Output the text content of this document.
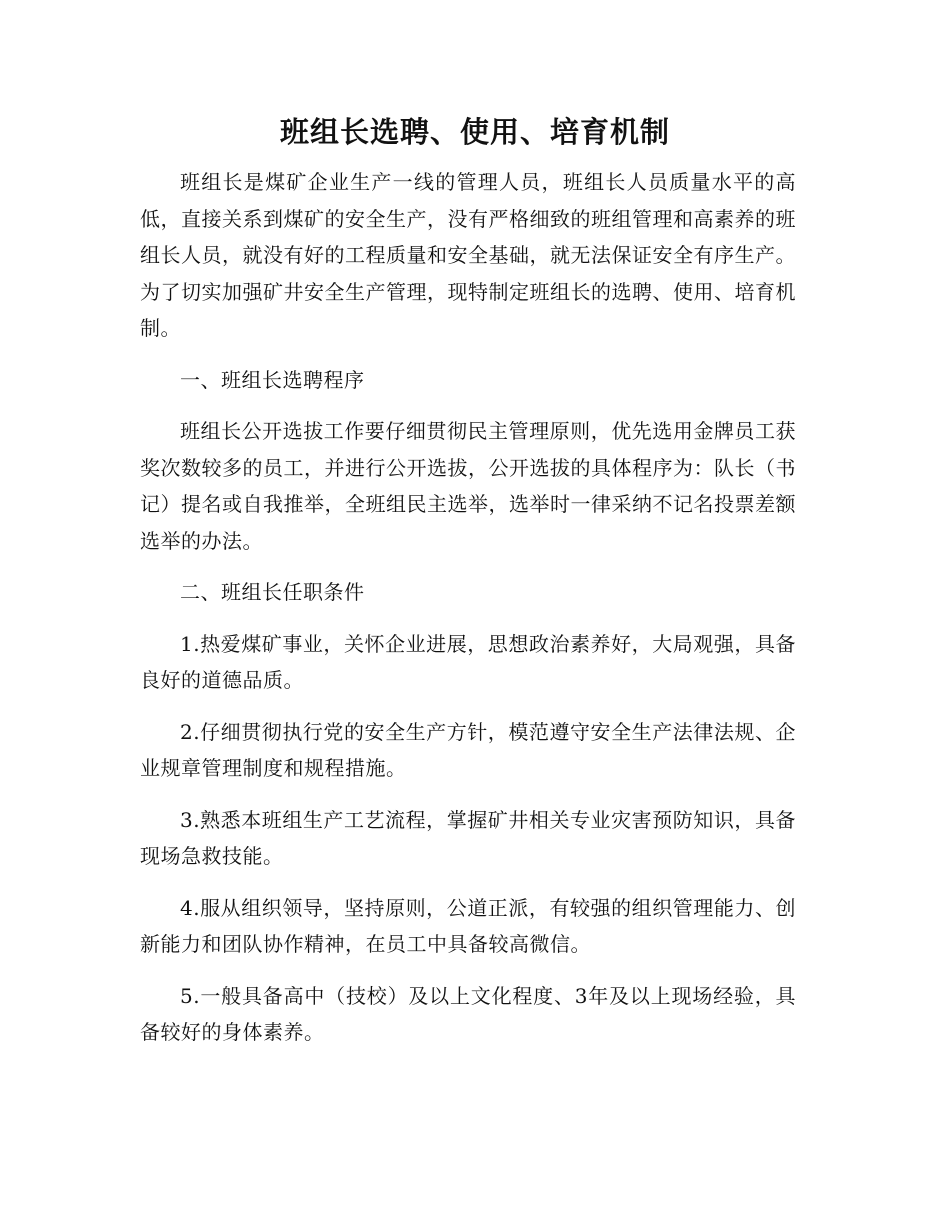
班组长选聘、使用、培育机制

班组长是煤矿企业生产一线的管理人员，班组长人员质量水平的高低，直接关系到煤矿的安全生产，没有严格细致的班组管理和高素养的班组长人员，就没有好的工程质量和安全基础，就无法保证安全有序生产。为了切实加强矿井安全生产管理，现特制定班组长的选聘、使用、培育机制。

一、班组长选聘程序

班组长公开选拔工作要仔细贯彻民主管理原则，优先选用金牌员工获奖次数较多的员工，并进行公开选拔，公开选拔的具体程序为：队长（书记）提名或自我推举，全班组民主选举，选举时一律采纳不记名投票差额选举的办法。

二、班组长任职条件

1.热爱煤矿事业，关怀企业进展，思想政治素养好，大局观强，具备良好的道德品质。

2.仔细贯彻执行党的安全生产方针，模范遵守安全生产法律法规、企业规章管理制度和规程措施。

3.熟悉本班组生产工艺流程，掌握矿井相关专业灾害预防知识，具备现场急救技能。

4.服从组织领导，坚持原则，公道正派，有较强的组织管理能力、创新能力和团队协作精神，在员工中具备较高微信。

5.一般具备高中（技校）及以上文化程度、3年及以上现场经验，具备较好的身体素养。
